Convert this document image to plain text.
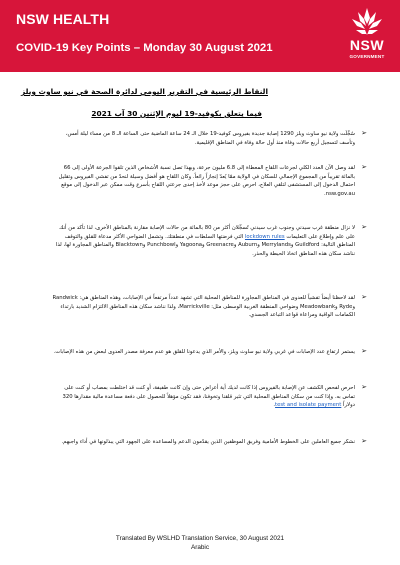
NSW HEALTH
COVID-19 Key Points – Monday 30 August 2021	NSW
GOVERNMENT
النقاط الرئيسية في التقرير اليومي لدائرة الصحة في نيو ساوث ويلز
فيما يتعلق بكوفيد-19 ليوم الإثنين 30 آب 2021
➢
سُجِّلَت ولاية نيو ساوث ويلز 1290 إصابة جديدة بفيروس كوفيد-19 خلال الـ 24 ساعة الماضية حتى الساعة الـ 8 من مساء ليلة أمس، وتأسف لتسجيل أربع حالات وفاة منذ أول حالة وفاة في المناطق الإقليمية.
➢
لقد وصل الآن العدد الكلي لجرعات اللقاح المعطاة إلى 6.8 مليون جرعة، وبهذا تصل نسبة الأشخاص الذين تلقوا الجرعة الأولى إلى 66 بالمائة تقريباً من المجموع الإجمالي للسكان في الولاية ممّا يُعدّ إنجازاً رائعاً. وكان اللقاح هو أفضل وسيلة لنحدّ من تفشي الفيروس وتقليل احتمال الدخول إلى المستشفى لتلقي العلاج، احرص على حجز موعد لأخذ إحدى جرعتي اللقاح بأسرع وقت ممكن عبر الدخول إلى موقع nsw.gov.au.
➢
لا نزال منطقة غرب سيدني وجنوب غرب سيدني تُسجِّلان أكثر من 80 بالمائة من حالات الإصابة مقارنة بالمناطق الأخرى، لذا تأكد من أنك على علم وإطلاع على التعليمات lockdown rules التي فرضتها السلطات في منطقتك. وتشمل الضواحي الأكثر مدعاة للقلق والتوقف المناطق التالية: Guildford وMerrylands وAuburn وGreenacre وYagoona وPunchbowl وBlacktown والمناطق المجاورة لها، لذا نناشد سكان هذه المناطق اتخاذ الحيطة والحذر.
➢
لقد لاحظنا أيضاً تفشياً للعدوى في المناطق المجاورة للمناطق المحلية التي تشهد عدداً مرتفعاً في الإصابات، وهذه المناطق هي: Randwick وRyde وMeadowbank وضواحي المنطقة الغربية الوسطى مثل: Marrickville، ولذا نناشد سكان هذه المناطق الالتزام الشديد بارتداء الكمامات الواقية ومراعاة قواعد التباعد الجسدي.
➢
يستمر ارتفاع عدد الإصابات في غربي ولاية نيو ساوث ويلز، والأمر الذي يدعونا للقلق هو عدم معرفة مصدر العدوى لبعض من هذه الإصابات.
➢
احرص لفحص الكشف عن الإصابة بالفيروس إذا كانت لديك أية أعراض حتى وإن كانت طفيفة، أو كنت قد اختلطت بمصاب أو كنت على تماس به. وإذا كنت من سكان المناطق المحلية التي تثير قلقنا وتخوفنا، فقد تكون مؤهلاً للحصول على دفعة مساعدة مالية مقدارها 320 دولاراً test and isolate payment.
➢
نشكر جميع العاملين على الخطوط الأمامية وفريق الموظفين الذين يقدّمون الدعم والمساعدة على الجهود التي يبذلونها في أداء واجبهم.
Translated By WSLHD Translation Service, 30 August 2021
Arabic
